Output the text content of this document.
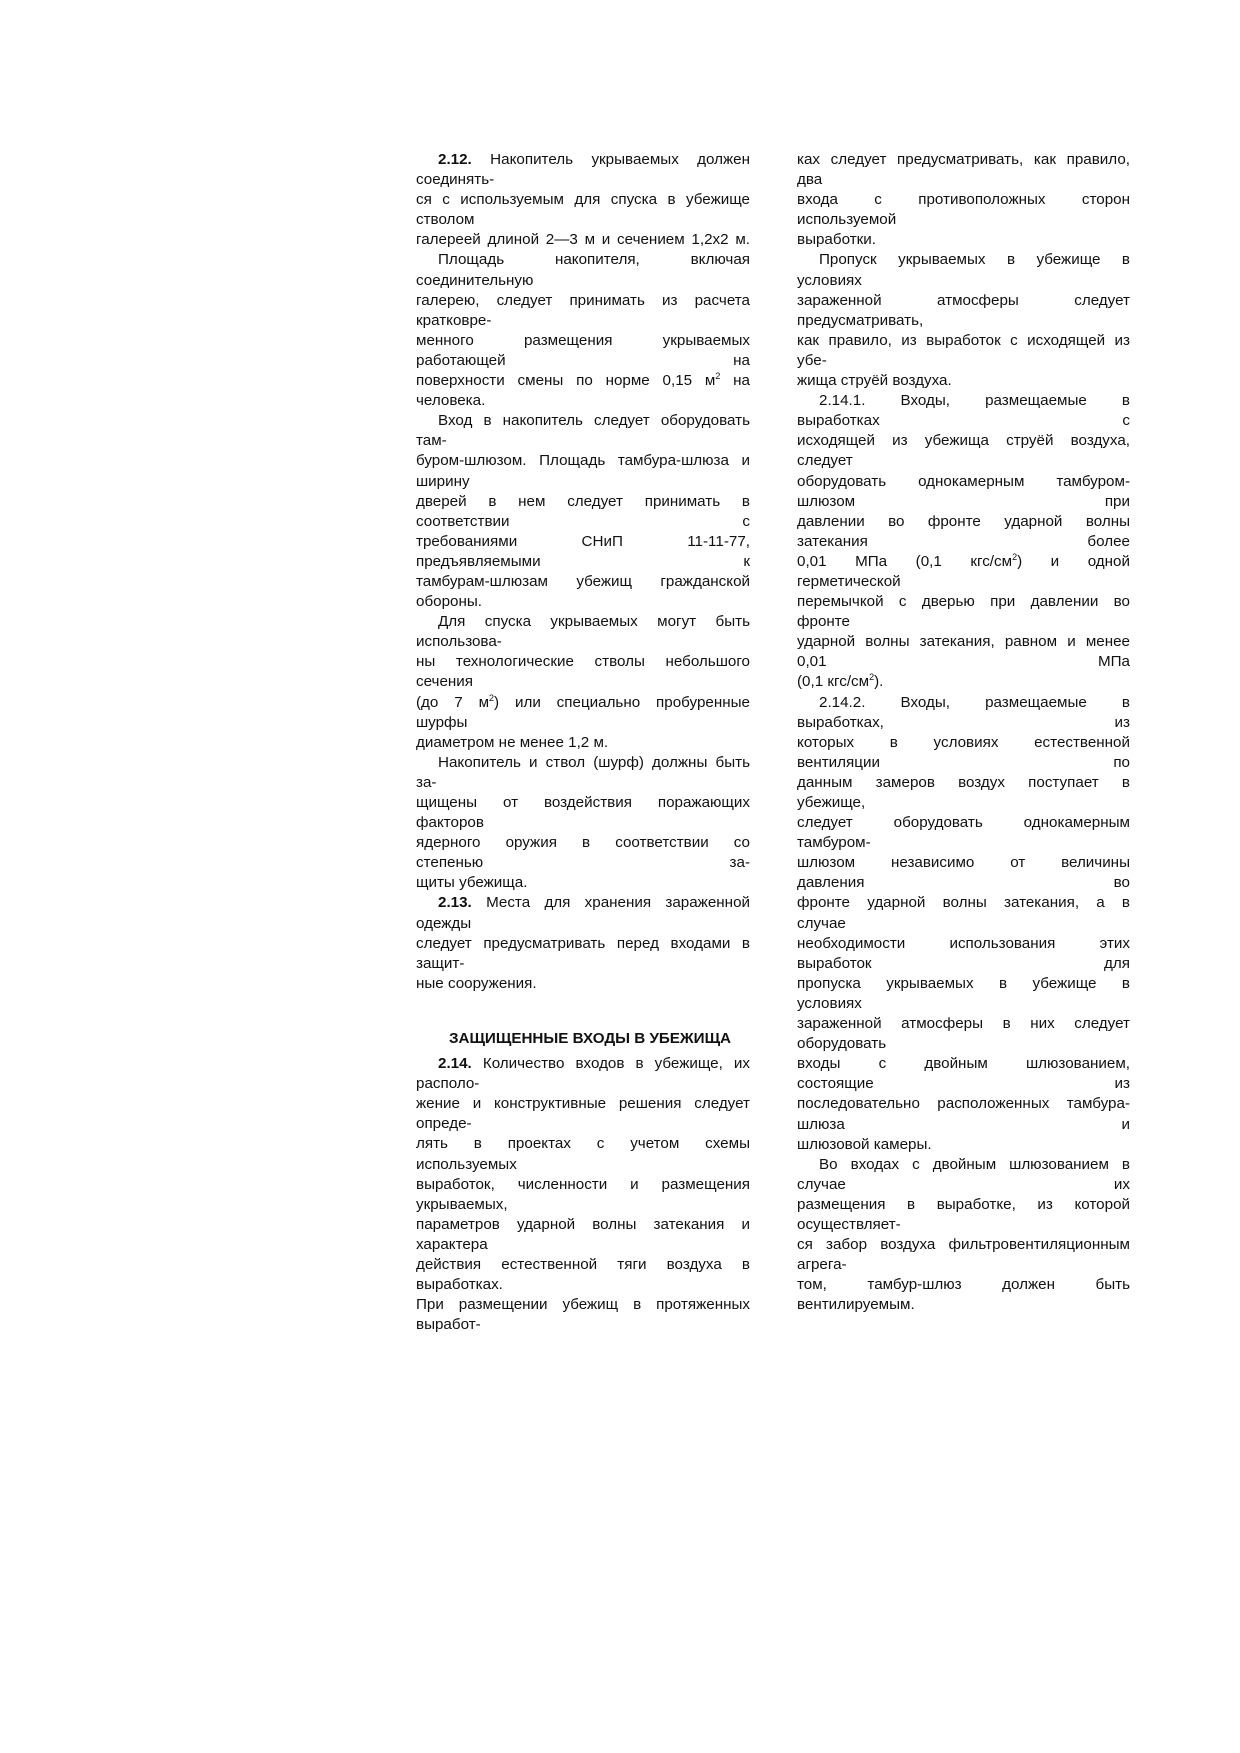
2.12. Накопитель укрываемых должен
соединять-
ся с используемым для спуска в убежище
стволом
галереей длиной 2—3 м и сечением 1,2х2 м.
Площадь накопителя, включая
соединительную
галерею, следует принимать из расчета
кратковре-
менного размещения укрываемых
работающей на
поверхности смены по норме 0,15 $м^2$ на
человека.
Вход в накопитель следует оборудовать
там-
буром-шлюзом. Площадь тамбура-шлюза и
ширину
дверей в нем следует принимать в
соответствии с
требованиями СНиП 11-11-77,
предъявляемыми к
тамбурам-шлюзам убежищ гражданской
обороны.
Для спуска укрываемых могут быть
использова-
ны технологические стволы небольшого
сечения
(до 7 $м^2$) или специально пробуренные
шурфы
диаметром не менее 1,2 м.
Накопитель и ствол (шурф) должны быть
за-
щищены от воздействия поражающих
факторов
ядерного оружия в соответствии со
степенью за-
щиты убежища.
2.13. Места для хранения зараженной
одежды
следует предусматривать перед входами в
защит-
ные сооружения.
ЗАЩИЩЕННЫЕ ВХОДЫ В УБЕЖИЩА
2.14. Количество входов в убежище, их
располо-
жение и конструктивные решения следует
опреде-
лять в проектах с учетом схемы
используемых
выработок, численности и размещения
укрываемых,
параметров ударной волны затекания и
характера
действия естественной тяги воздуха в
выработках.
При размещении убежищ в протяженных
выработ-
ках следует предусматривать, как правило,
два
входа с противоположных сторон
используемой
выработки.
Пропуск укрываемых в убежище в
условиях
зараженной атмосферы следует
предусматривать,
как правило, из выработок с исходящей из
убе-
жища струёй воздуха.
2.14.1. Входы, размещаемые в
выработках с
исходящей из убежища струёй воздуха,
следует
оборудовать однокамерным тамбуром-
шлюзом при
давлении во фронте ударной волны
затекания более
0,01 МПа (0,1 кгс/$см^2$) и одной
герметической
перемычкой с дверью при давлении во
фронте
ударной волны затекания, равном и менее
0,01 МПа
(0,1 кгс/$см^2$).
2.14.2. Входы, размещаемые в
выработках, из
которых в условиях естественной
вентиляции по
данным замеров воздух поступает в
убежище,
следует оборудовать однокамерным
тамбуром-
шлюзом независимо от величины
давления во
фронте ударной волны затекания, а в
случае
необходимости использования этих
выработок для
пропуска укрываемых в убежище в
условиях
зараженной атмосферы в них следует
оборудовать
входы с двойным шлюзованием,
состоящие из
последовательно расположенных тамбура-
шлюза и
шлюзовой камеры.
Во входах с двойным шлюзованием в
случае их
размещения в выработке, из которой
осуществляет-
ся забор воздуха фильтровентиляционным
агрега-
том, тамбур-шлюз должен быть
вентилируемым.
